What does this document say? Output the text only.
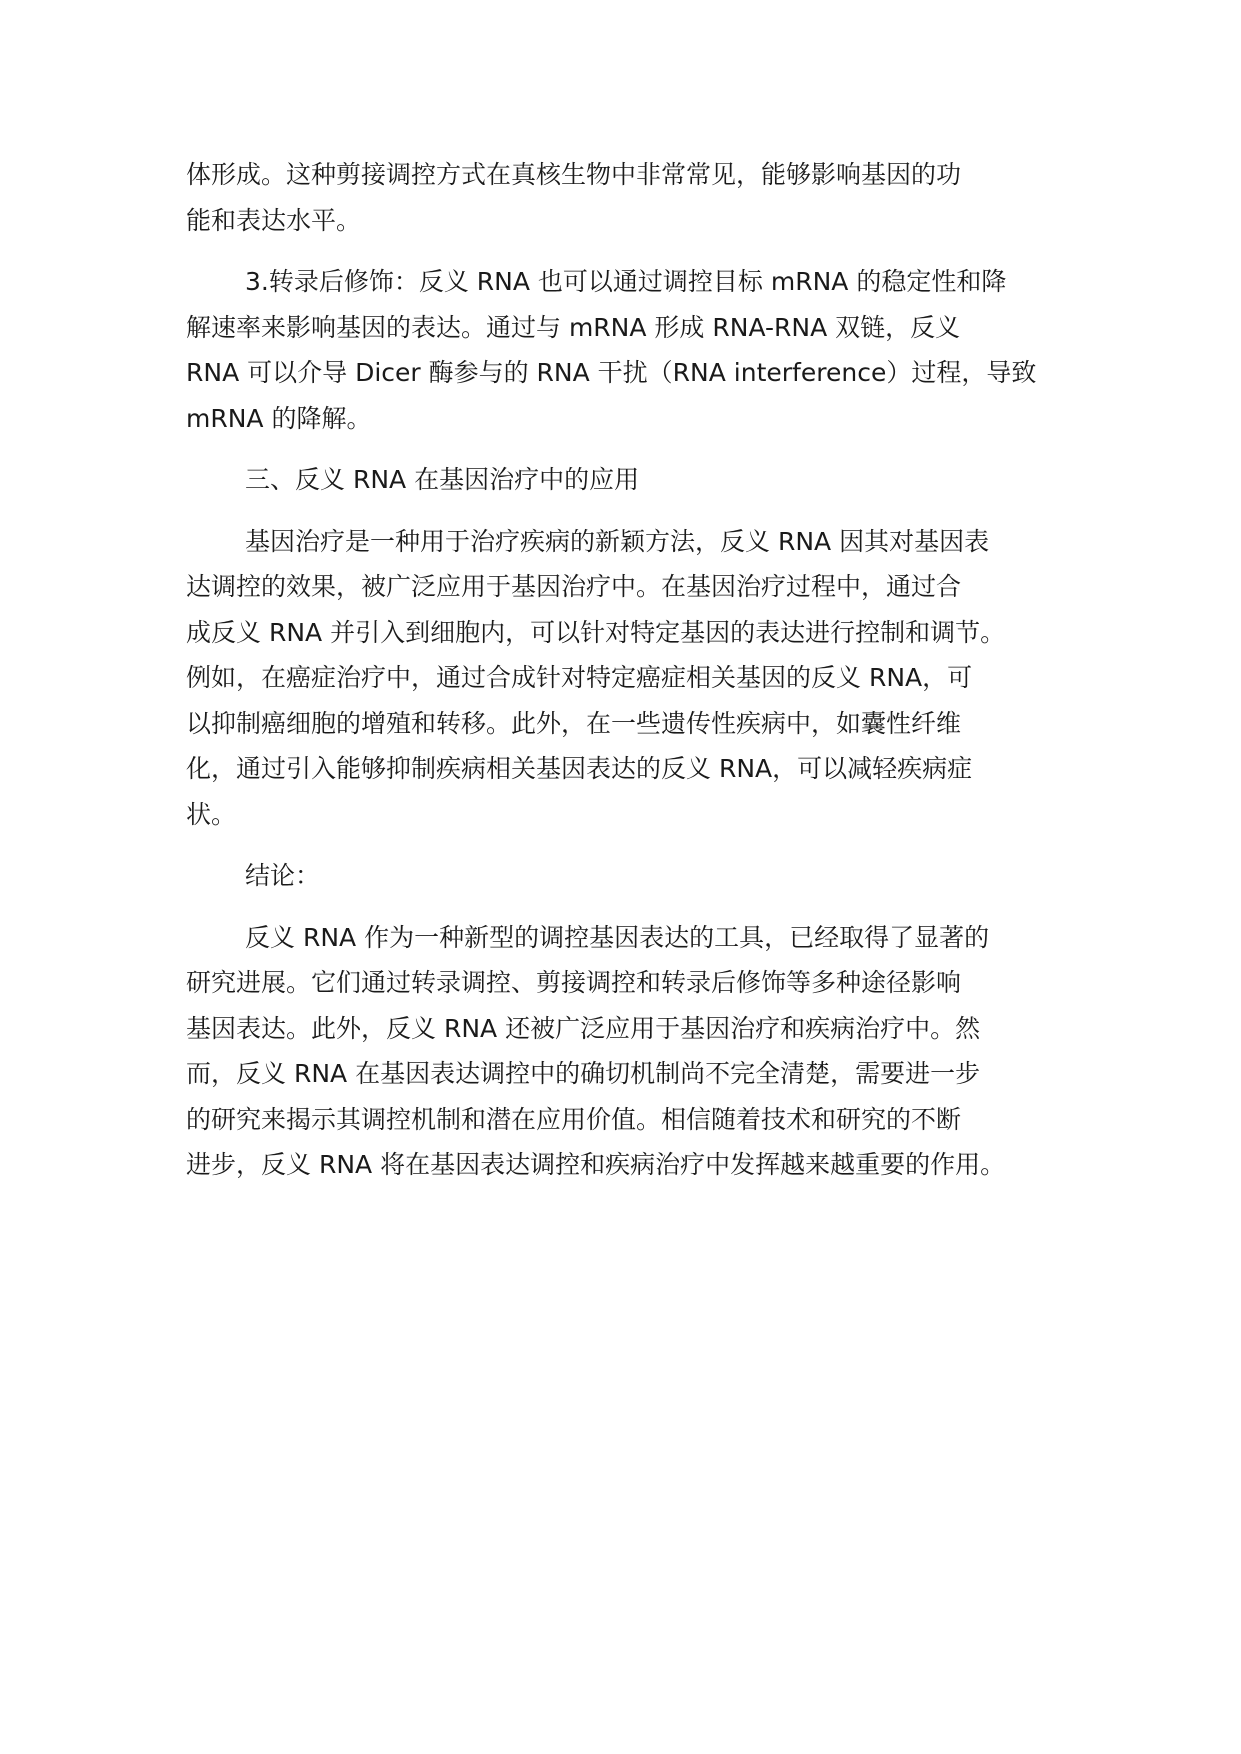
体形成。这种剪接调控方式在真核生物中非常常见，能够影响基因的功
能和表达水平。

3.转录后修饰：反义 RNA 也可以通过调控目标 mRNA 的稳定性和降
解速率来影响基因的表达。通过与 mRNA 形成 RNA-RNA 双链，反义
RNA 可以介导 Dicer 酶参与的 RNA 干扰（RNA interference）过程，导致
mRNA 的降解。

三、反义 RNA 在基因治疗中的应用

基因治疗是一种用于治疗疾病的新颖方法，反义 RNA 因其对基因表
达调控的效果，被广泛应用于基因治疗中。在基因治疗过程中，通过合
成反义 RNA 并引入到细胞内，可以针对特定基因的表达进行控制和调节。
例如，在癌症治疗中，通过合成针对特定癌症相关基因的反义 RNA，可
以抑制癌细胞的增殖和转移。此外，在一些遗传性疾病中，如囊性纤维
化，通过引入能够抑制疾病相关基因表达的反义 RNA，可以减轻疾病症
状。

结论：

反义 RNA 作为一种新型的调控基因表达的工具，已经取得了显著的
研究进展。它们通过转录调控、剪接调控和转录后修饰等多种途径影响
基因表达。此外，反义 RNA 还被广泛应用于基因治疗和疾病治疗中。然
而，反义 RNA 在基因表达调控中的确切机制尚不完全清楚，需要进一步
的研究来揭示其调控机制和潜在应用价值。相信随着技术和研究的不断
进步，反义 RNA 将在基因表达调控和疾病治疗中发挥越来越重要的作用。
